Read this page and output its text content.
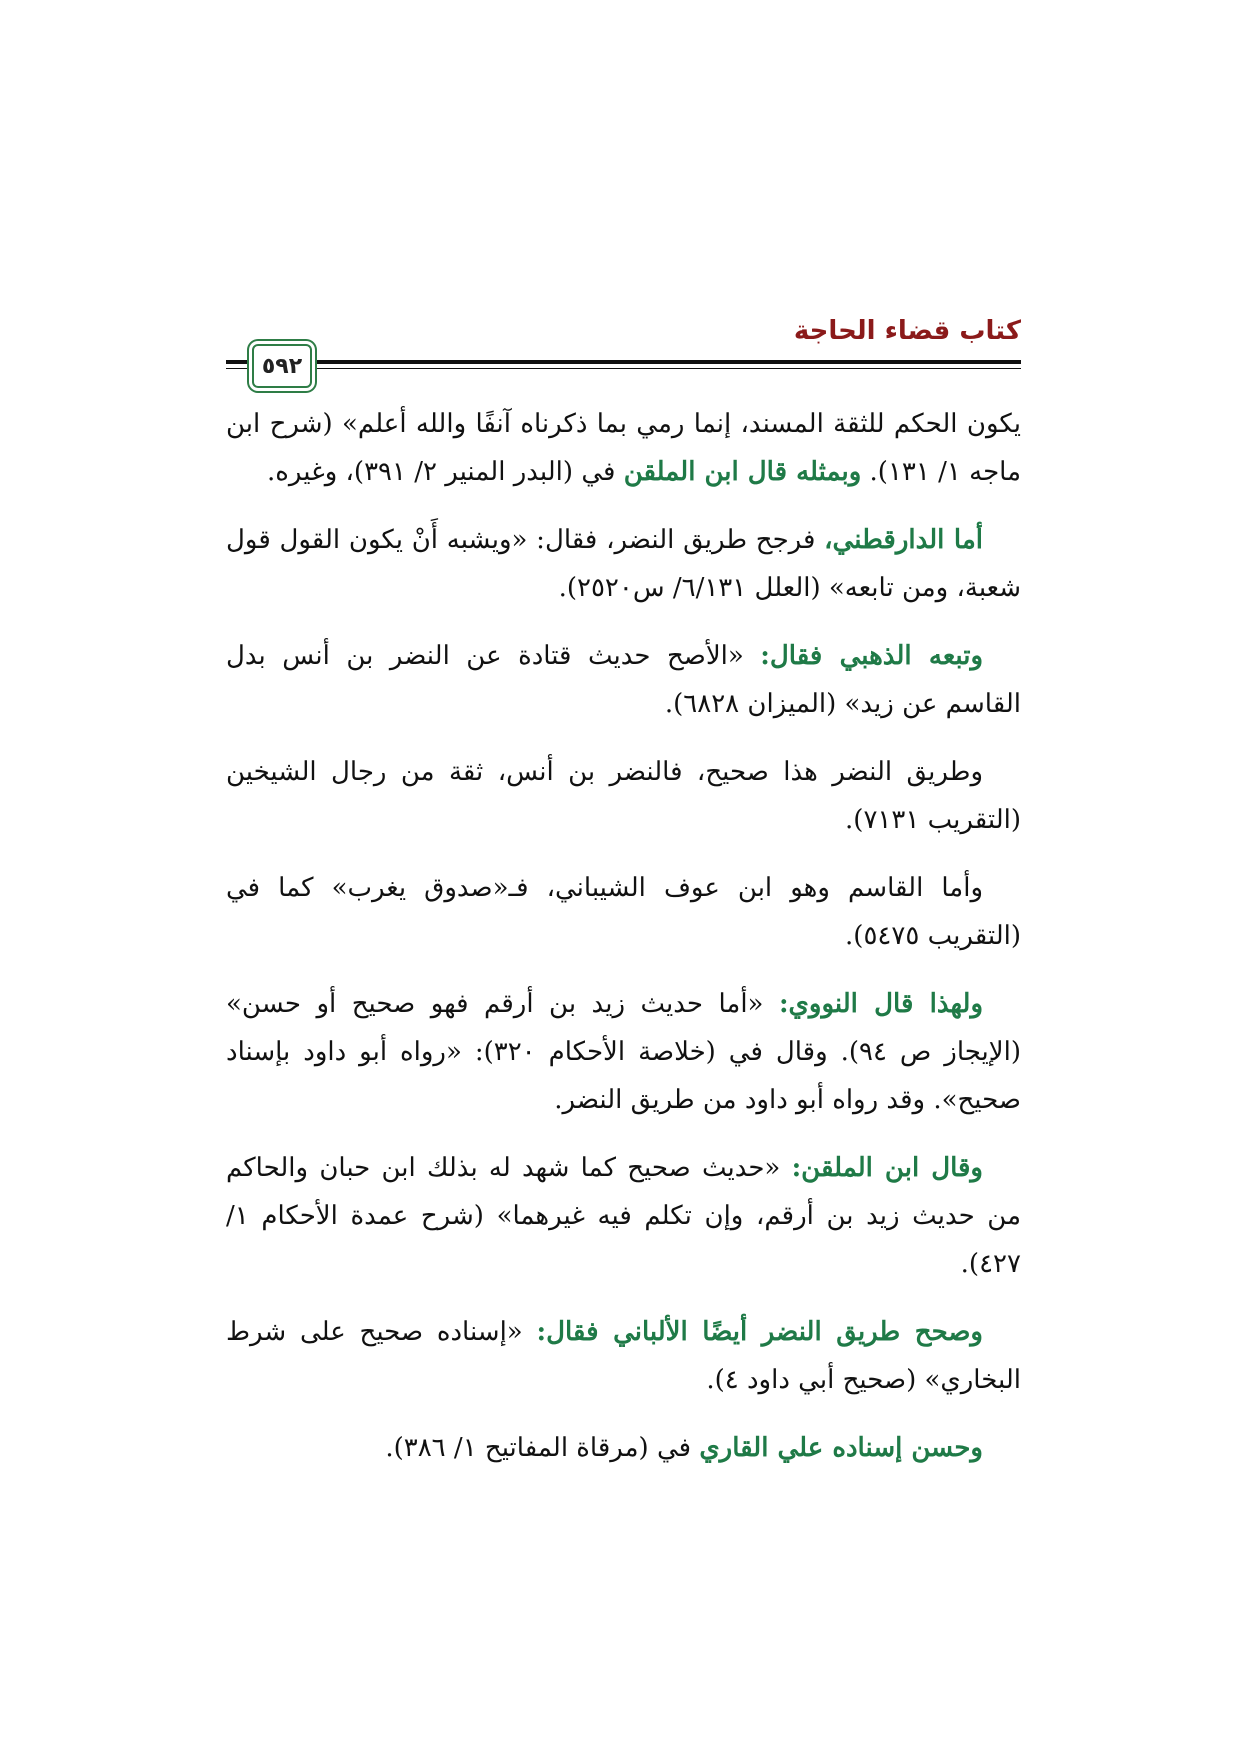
كتاب قضاء الحاجة
٥٩٢

يكون الحكم للثقة المسند، إنما رمي بما ذكرناه آنفًا والله أعلم» (شرح ابن ماجه ١/ ١٣١). وبمثله قال ابن الملقن في (البدر المنير ٢/ ٣٩١)، وغيره.

أما الدارقطني، فرجح طريق النضر، فقال: «ويشبه أَنْ يكون القول قول شعبة، ومن تابعه» (العلل ٦/١٣١/ س٢٥٢٠).

وتبعه الذهبي فقال: «الأصح حديث قتادة عن النضر بن أنس بدل القاسم عن زيد» (الميزان ٦٨٢٨).

وطريق النضر هذا صحيح، فالنضر بن أنس، ثقة من رجال الشيخين (التقريب ٧١٣١).

وأما القاسم وهو ابن عوف الشيباني، فـ«صدوق يغرب» كما في (التقريب ٥٤٧٥).

ولهذا قال النووي: «أما حديث زيد بن أرقم فهو صحيح أو حسن» (الإيجاز ص ٩٤). وقال في (خلاصة الأحكام ٣٢٠): «رواه أبو داود بإسناد صحيح». وقد رواه أبو داود من طريق النضر.

وقال ابن الملقن: «حديث صحيح كما شهد له بذلك ابن حبان والحاكم من حديث زيد بن أرقم، وإن تكلم فيه غيرهما» (شرح عمدة الأحكام ١/ ٤٢٧).

وصحح طريق النضر أيضًا الألباني فقال: «إسناده صحيح على شرط البخاري» (صحيح أبي داود ٤).

وحسن إسناده علي القاري في (مرقاة المفاتيح ١/ ٣٨٦).
